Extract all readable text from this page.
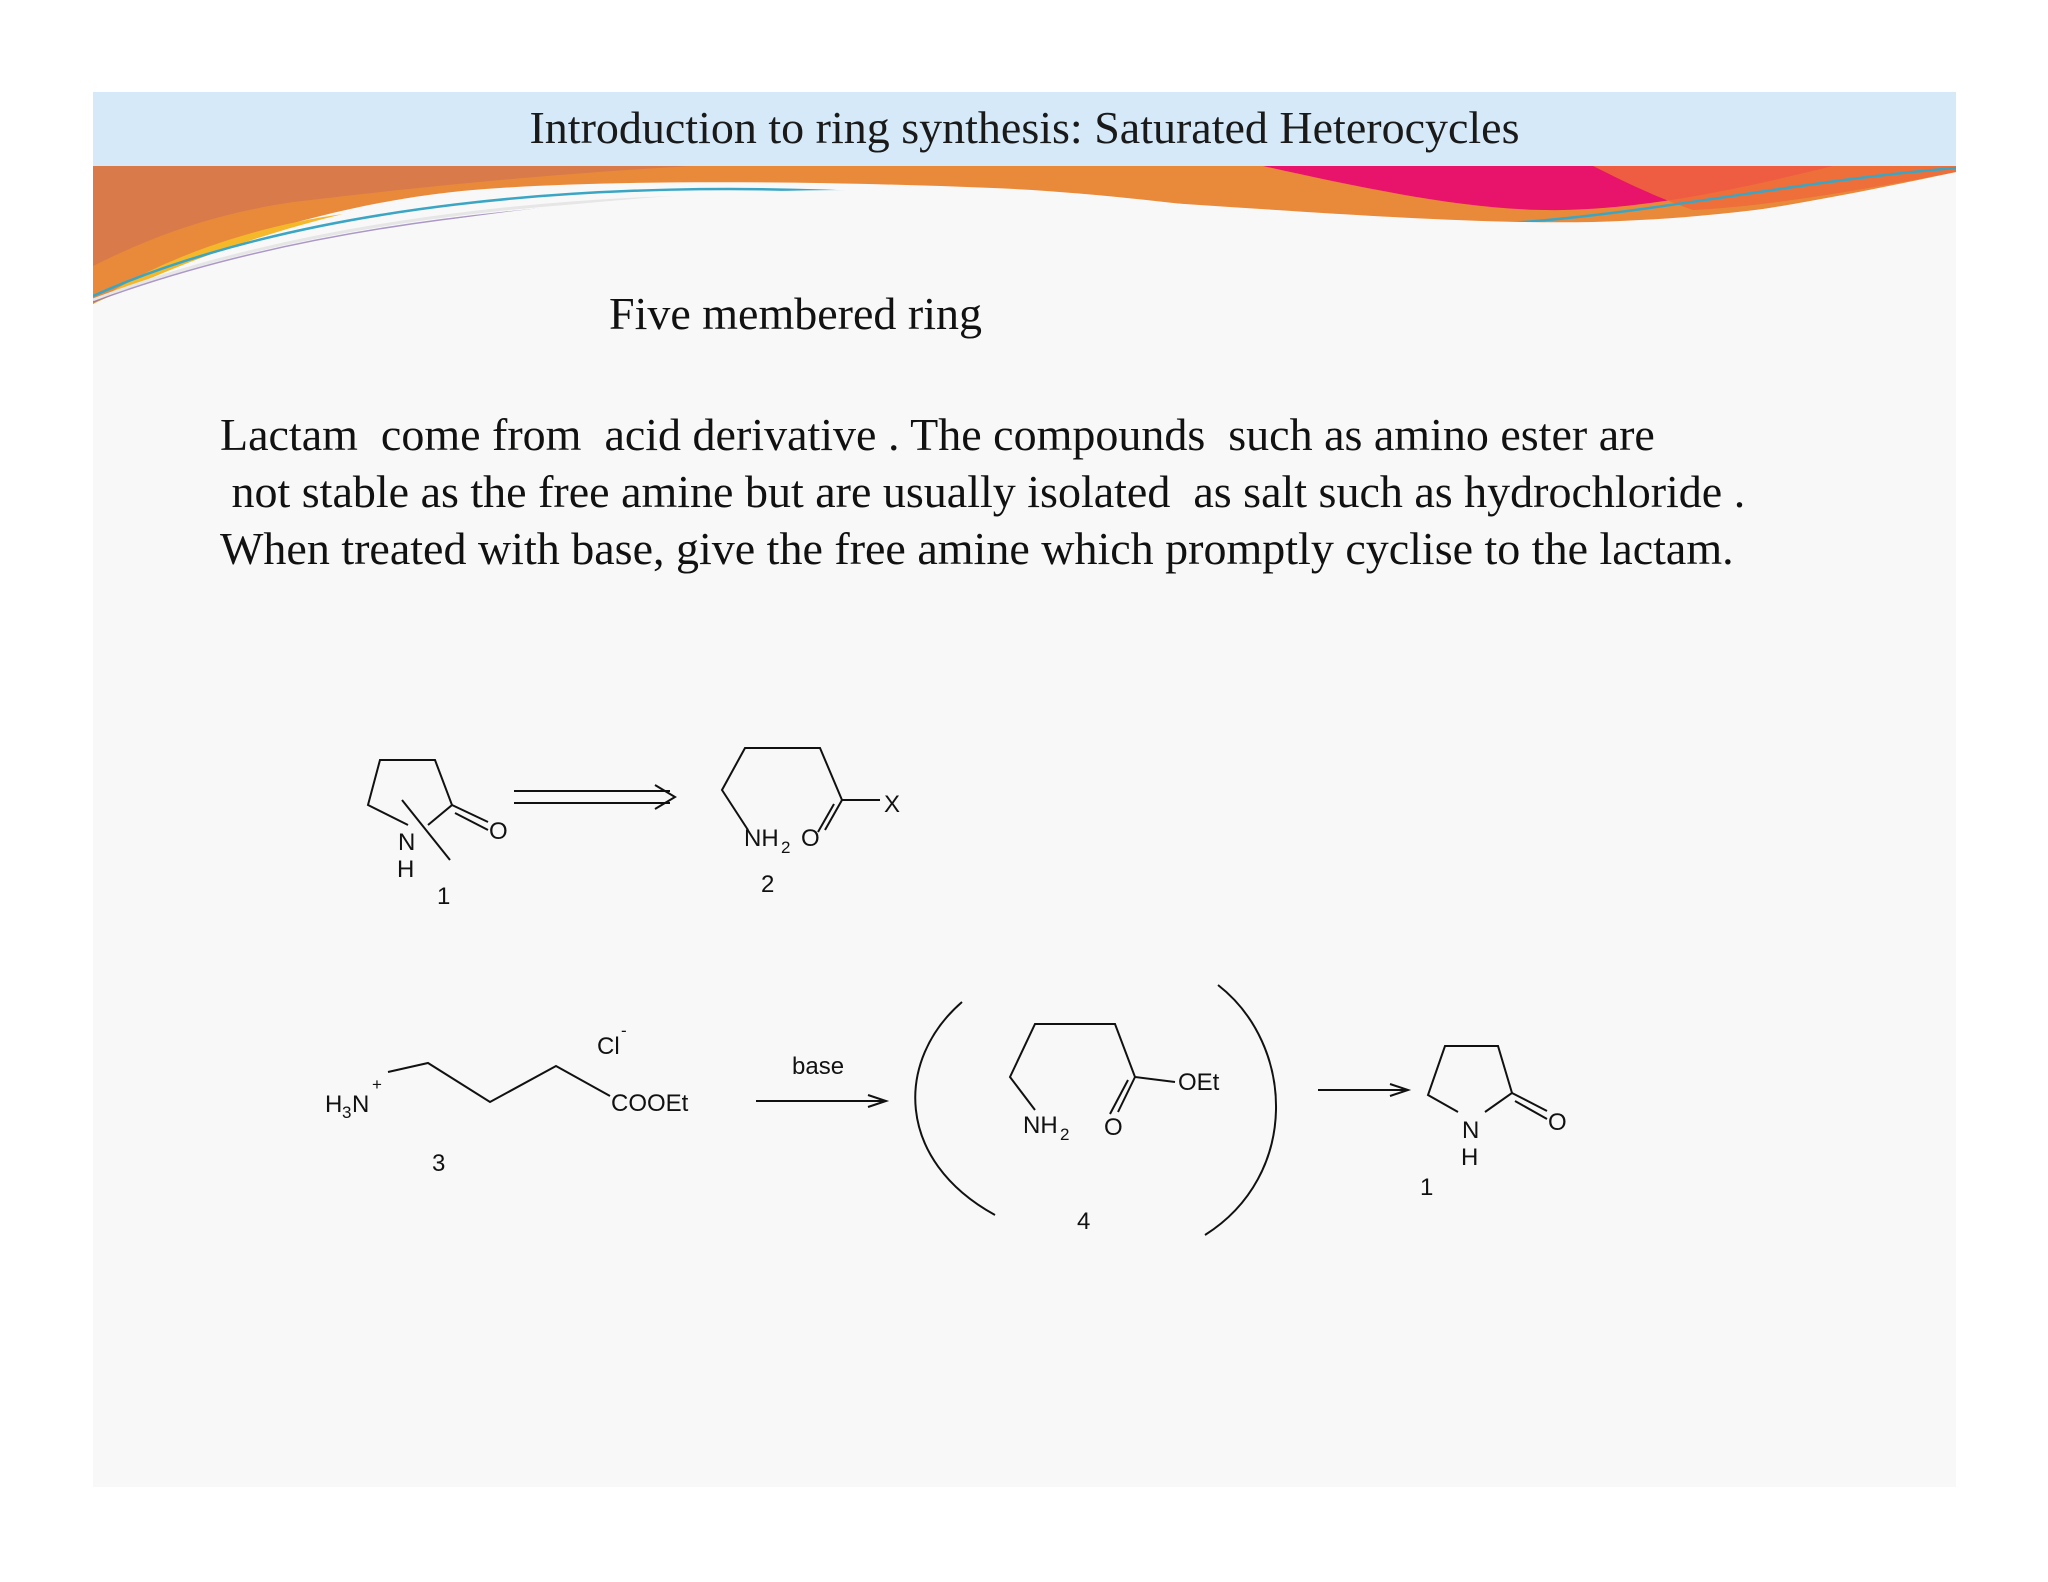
Introduction to ring synthesis: Saturated Heterocycles
Five membered ring
Lactam  come from  acid derivative . The compounds  such as amino ester are
not stable as the free amine but are usually isolated  as salt such as hydrochloride .
When treated with base, give the free amine which promptly cyclise to the lactam.
N
H
O
1
NH 2 O
X
2
H 3 N
+
Cl
-
COOEt
3
base
NH 2 O
OEt
4
N
H
O
1
